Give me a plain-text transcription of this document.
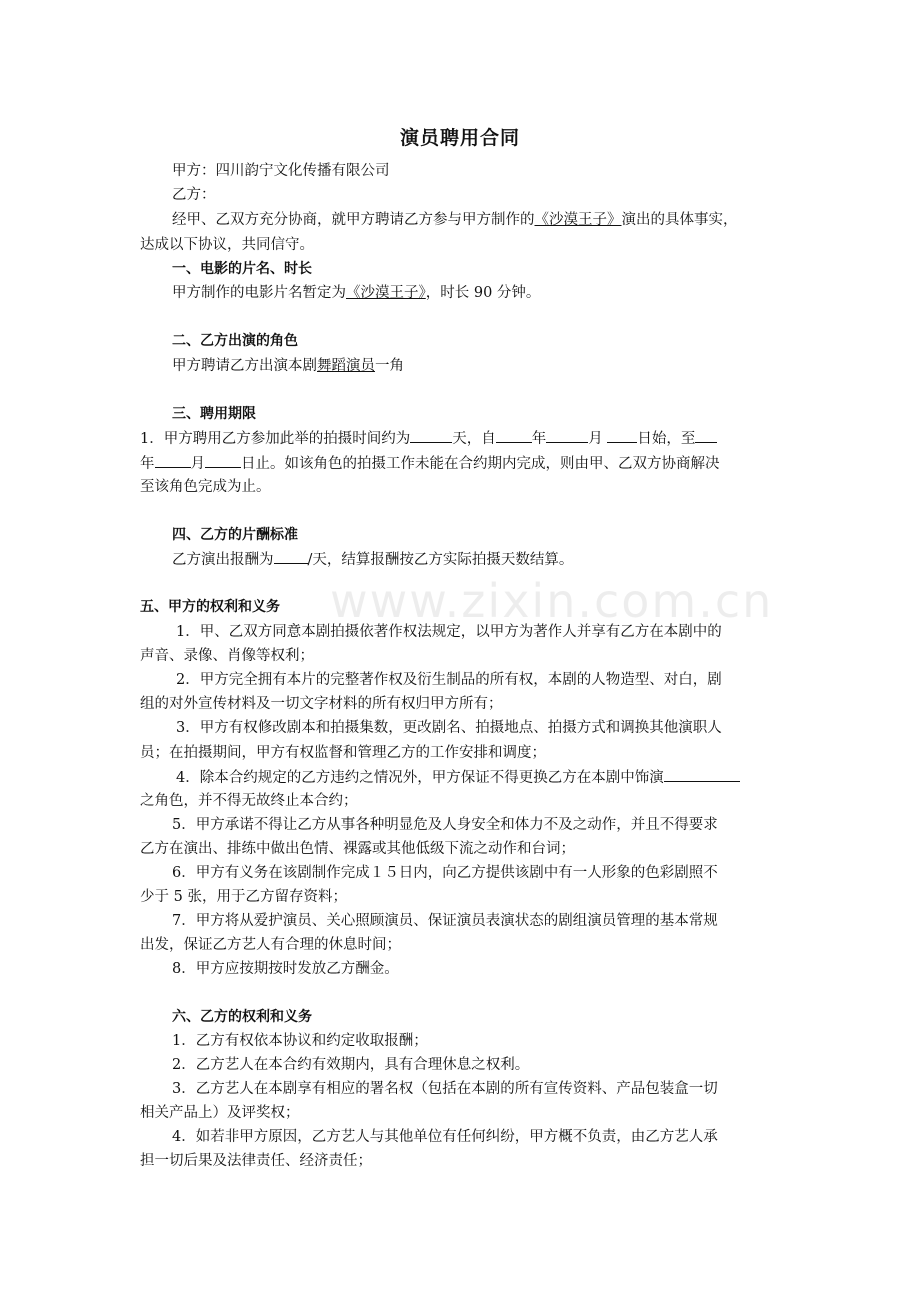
www.zixin.com.cn
演员聘用合同
甲方：四川韵宁文化传播有限公司
乙方：
经甲、乙双方充分协商，就甲方聘请乙方参与甲方制作的《沙漠王子》演出的具体事实，
达成以下协议，共同信守。
一、电影的片名、时长
甲方制作的电影片名暂定为《沙漠王子》，时长 90 分钟。
二、乙方出演的角色
甲方聘请乙方出演本剧舞蹈演员一角
三、聘用期限
1．甲方聘用乙方参加此举的拍摄时间约为	天，自 年	月 日始，至
年 月 日止。如该角色的拍摄工作未能在合约期内完成，则由甲、乙双方协商解决
至该角色完成为止。
四、乙方的片酬标准
乙方演出报酬为 /天，结算报酬按乙方实际拍摄天数结算。
五、甲方的权利和义务
1．甲、乙双方同意本剧拍摄依著作权法规定，以甲方为著作人并享有乙方在本剧中的
声音、录像、肖像等权利；
2．甲方完全拥有本片的完整著作权及衍生制品的所有权，本剧的人物造型、对白，剧
组的对外宣传材料及一切文字材料的所有权归甲方所有；
3．甲方有权修改剧本和拍摄集数，更改剧名、拍摄地点、拍摄方式和调换其他演职人
员；在拍摄期间，甲方有权监督和管理乙方的工作安排和调度；
4．除本合约规定的乙方违约之情况外，甲方保证不得更换乙方在本剧中饰演
之角色，并不得无故终止本合约；
5．甲方承诺不得让乙方从事各种明显危及人身安全和体力不及之动作，并且不得要求
乙方在演出、排练中做出色情、裸露或其他低级下流之动作和台词；
6．甲方有义务在该剧制作完成１５日内，向乙方提供该剧中有一人形象的色彩剧照不
少于 5 张，用于乙方留存资料；
7．甲方将从爱护演员、关心照顾演员、保证演员表演状态的剧组演员管理的基本常规
出发，保证乙方艺人有合理的休息时间；
8．甲方应按期按时发放乙方酬金。
六、乙方的权利和义务
1．乙方有权依本协议和约定收取报酬；
2．乙方艺人在本合约有效期内，具有合理休息之权利。
3．乙方艺人在本剧享有相应的署名权（包括在本剧的所有宣传资料、产品包装盒一切
相关产品上）及评奖权；
4．如若非甲方原因，乙方艺人与其他单位有任何纠纷，甲方概不负责，由乙方艺人承
担一切后果及法律责任、经济责任；
